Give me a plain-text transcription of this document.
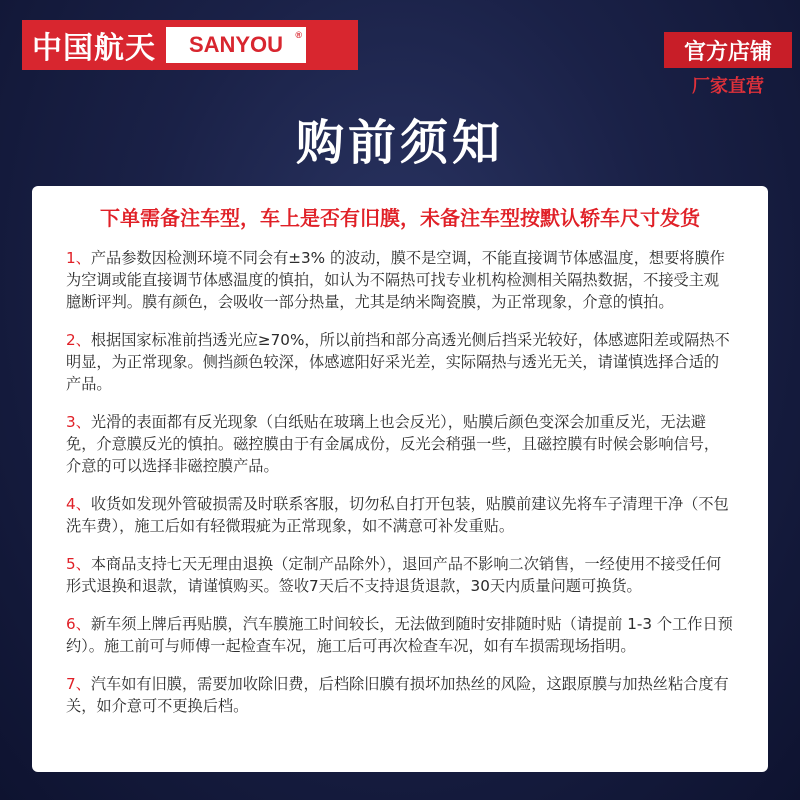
中国航天 SANYOU ®
官方店铺
厂家直营
购前须知
下单需备注车型，车上是否有旧膜，未备注车型按默认轿车尺寸发货
1、产品参数因检测环境不同会有±3% 的波动，膜不是空调，不能直接调节体感温度，想要将膜作为空调或能直接调节体感温度的慎拍，如认为不隔热可找专业机构检测相关隔热数据，不接受主观臆断评判。膜有颜色，会吸收一部分热量，尤其是纳米陶瓷膜，为正常现象，介意的慎拍。
2、根据国家标准前挡透光应≥70%，所以前挡和部分高透光侧后挡采光较好，体感遮阳差或隔热不明显，为正常现象。侧挡颜色较深，体感遮阳好采光差，实际隔热与透光无关，请谨慎选择合适的产品。
3、光滑的表面都有反光现象（白纸贴在玻璃上也会反光），贴膜后颜色变深会加重反光，无法避免，介意膜反光的慎拍。磁控膜由于有金属成份，反光会稍强一些，且磁控膜有时候会影响信号，介意的可以选择非磁控膜产品。
4、收货如发现外管破损需及时联系客服，切勿私自打开包装，贴膜前建议先将车子清理干净（不包洗车费），施工后如有轻微瑕疵为正常现象，如不满意可补发重贴。
5、本商品支持七天无理由退换（定制产品除外），退回产品不影响二次销售，一经使用不接受任何形式退换和退款，请谨慎购买。签收7天后不支持退货退款，30天内质量问题可换货。
6、新车须上牌后再贴膜，汽车膜施工时间较长，无法做到随时安排随时贴（请提前 1-3 个工作日预约）。施工前可与师傅一起检查车况，施工后可再次检查车况，如有车损需现场指明。
7、汽车如有旧膜，需要加收除旧费，后档除旧膜有损坏加热丝的风险，这跟原膜与加热丝粘合度有关，如介意可不更换后档。
